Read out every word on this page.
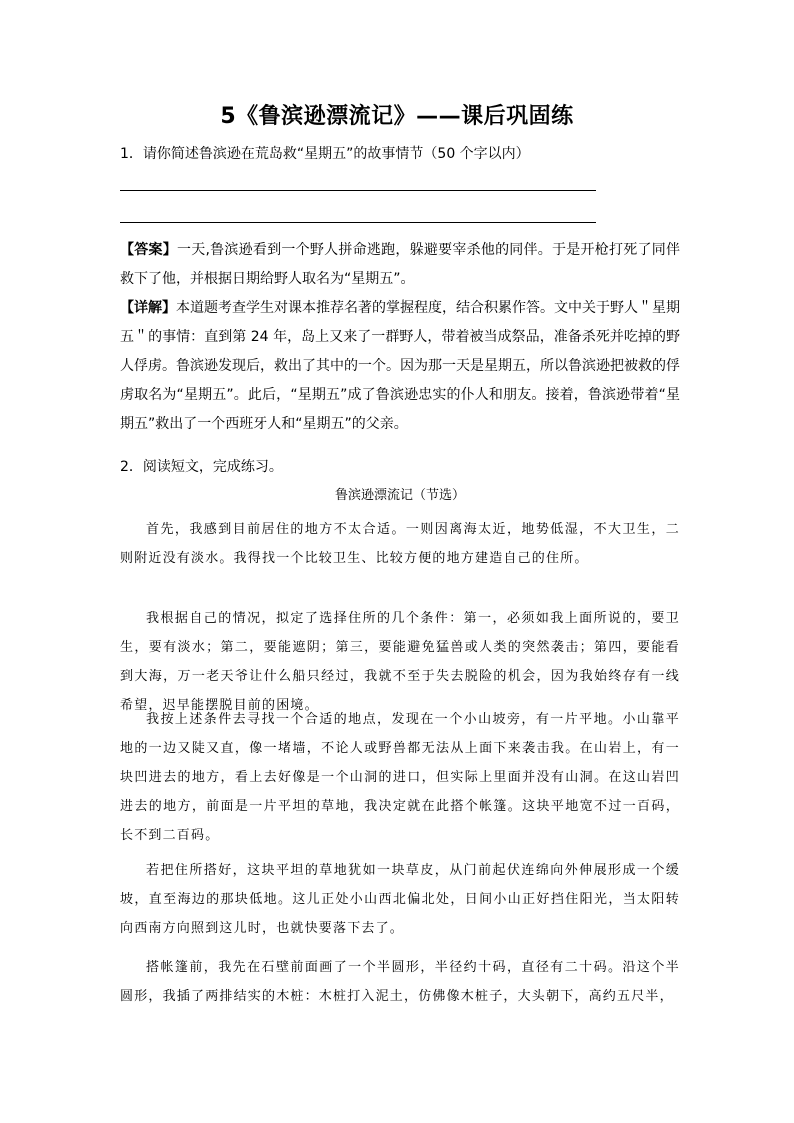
5《鲁滨逊漂流记》——课后巩固练

1．请你简述鲁滨逊在荒岛救“星期五”的故事情节（50 个字以内）

【答案】一天,鲁滨逊看到一个野人拼命逃跑，躲避要宰杀他的同伴。于是开枪打死了同伴救下了他，并根据日期给野人取名为“星期五”。

【详解】本道题考查学生对课本推荐名著的掌握程度，结合积累作答。文中关于野人＂星期五＂的事情：直到第 24 年，岛上又来了一群野人，带着被当成祭品，准备杀死并吃掉的野人俘虏。鲁滨逊发现后，救出了其中的一个。因为那一天是星期五，所以鲁滨逊把被救的俘虏取名为“星期五”。此后，“星期五”成了鲁滨逊忠实的仆人和朋友。接着，鲁滨逊带着“星期五”救出了一个西班牙人和“星期五”的父亲。

2．阅读短文，完成练习。

鲁滨逊漂流记（节选）

首先，我感到目前居住的地方不太合适。一则因离海太近，地势低湿，不大卫生，二则附近没有淡水。我得找一个比较卫生、比较方便的地方建造自己的住所。

我根据自己的情况，拟定了选择住所的几个条件：第一，必须如我上面所说的，要卫生，要有淡水；第二，要能遮阴；第三，要能避免猛兽或人类的突然袭击；第四，要能看到大海，万一老天爷让什么船只经过，我就不至于失去脱险的机会，因为我始终存有一线希望，迟早能摆脱目前的困境。

我按上述条件去寻找一个合适的地点，发现在一个小山坡旁，有一片平地。小山靠平地的一边又陡又直，像一堵墙，不论人或野兽都无法从上面下来袭击我。在山岩上，有一块凹进去的地方，看上去好像是一个山洞的进口，但实际上里面并没有山洞。在这山岩凹进去的地方，前面是一片平坦的草地，我决定就在此搭个帐篷。这块平地宽不过一百码，长不到二百码。

若把住所搭好，这块平坦的草地犹如一块草皮，从门前起伏连绵向外伸展形成一个缓坡，直至海边的那块低地。这儿正处小山西北偏北处，日间小山正好挡住阳光，当太阳转向西南方向照到这儿时，也就快要落下去了。

搭帐篷前，我先在石壁前面画了一个半圆形，半径约十码，直径有二十码。沿这个半圆形，我插了两排结实的木桩：木桩打入泥土，仿佛像木桩子，大头朝下，高约五尺半，
